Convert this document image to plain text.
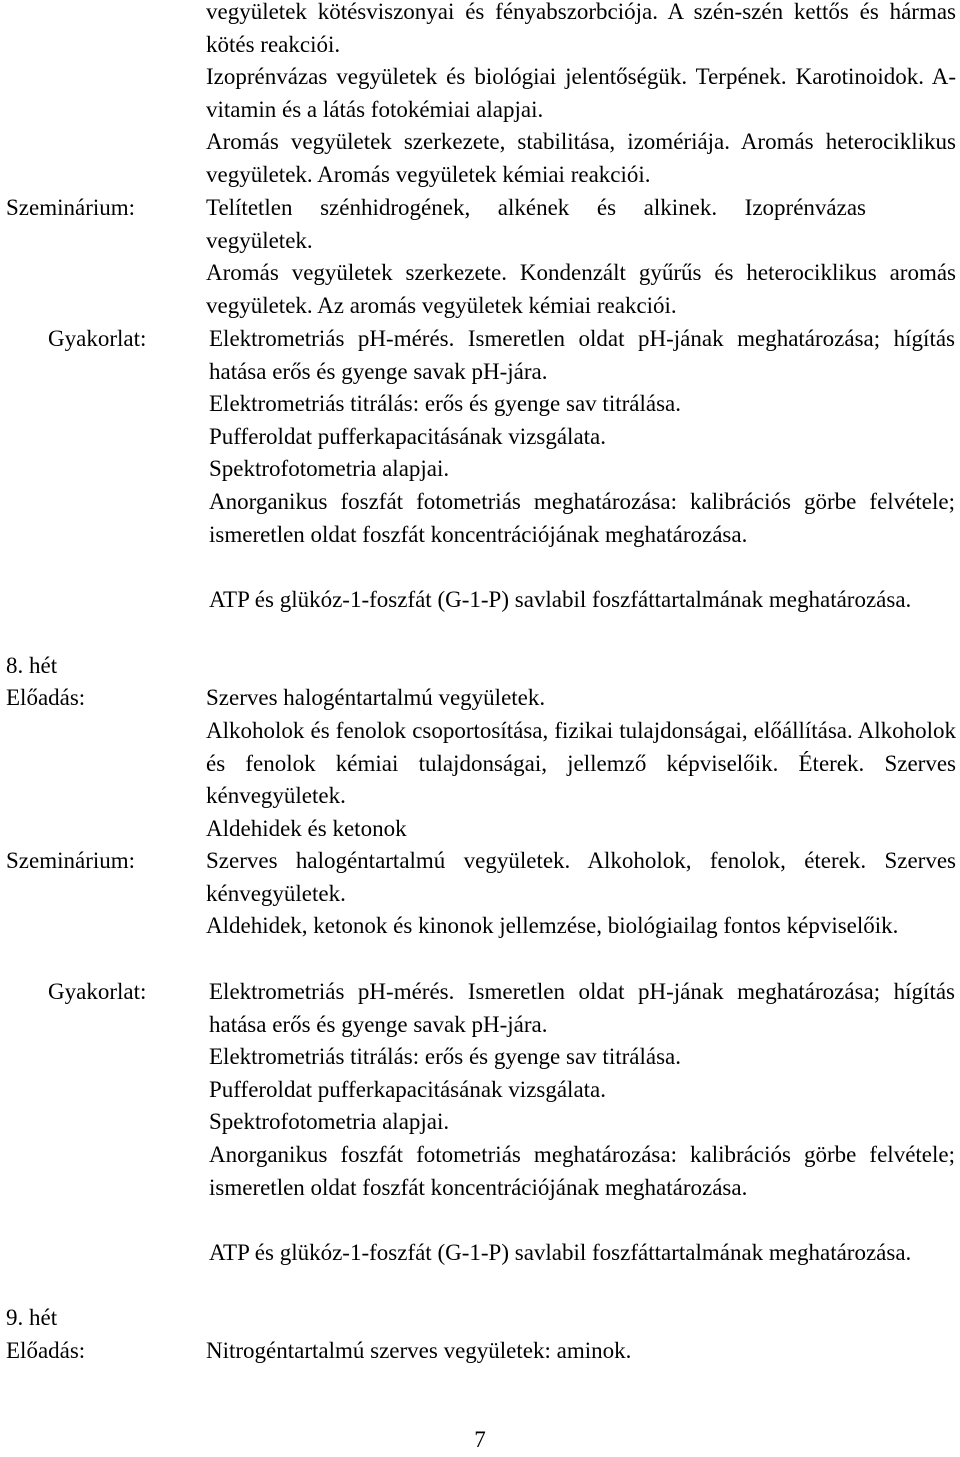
vegyületek kötésviszonyai és fényabszorbciója. A szén-szén kettős és hármas kötés reakciói.
Izoprénvázas vegyületek és biológiai jelentőségük. Terpének. Karotinoidok. A-vitamin és a látás fotokémiai alapjai.
Aromás vegyületek szerkezete, stabilitása, izomériája. Aromás heterociklikus vegyületek. Aromás vegyületek kémiai reakciói.
Szeminárium:	Telítetlen szénhidrogének, alkének és alkinek. Izoprénvázas vegyületek.
Aromás vegyületek szerkezete. Kondenzált gyűrűs és heterociklikus aromás vegyületek. Az aromás vegyületek kémiai reakciói.
Gyakorlat:	Elektrometriás pH-mérés. Ismeretlen oldat pH-jának meghatározása; hígítás hatása erős és gyenge savak pH-jára.
Elektrometriás titrálás: erős és gyenge sav titrálása.
Pufferoldat pufferkapacitásának vizsgálata.
Spektrofotometria alapjai.
Anorganikus foszfát fotometriás meghatározása: kalibrációs görbe felvétele; ismeretlen oldat foszfát koncentrációjának meghatározása.
ATP és glükóz-1-foszfát (G-1-P) savlabil foszfáttartalmának meghatározása.
8. hét
Előadás:	Szerves halogéntartalmú vegyületek.
Alkoholok és fenolok csoportosítása, fizikai tulajdonságai, előállítása. Alkoholok és fenolok kémiai tulajdonságai, jellemző képviselőik. Éterek. Szerves kénvegyületek.
Aldehidek és ketonok
Szeminárium:	Szerves halogéntartalmú vegyületek. Alkoholok, fenolok, éterek. Szerves kénvegyületek.
Aldehidek, ketonok és kinonok jellemzése, biológiailag fontos képviselőik.
Gyakorlat:	Elektrometriás pH-mérés. Ismeretlen oldat pH-jának meghatározása; hígítás hatása erős és gyenge savak pH-jára.
Elektrometriás titrálás: erős és gyenge sav titrálása.
Pufferoldat pufferkapacitásának vizsgálata.
Spektrofotometria alapjai.
Anorganikus foszfát fotometriás meghatározása: kalibrációs görbe felvétele; ismeretlen oldat foszfát koncentrációjának meghatározása.
ATP és glükóz-1-foszfát (G-1-P) savlabil foszfáttartalmának meghatározása.
9. hét
Előadás:	Nitrogéntartalmú szerves vegyületek: aminok.
7
